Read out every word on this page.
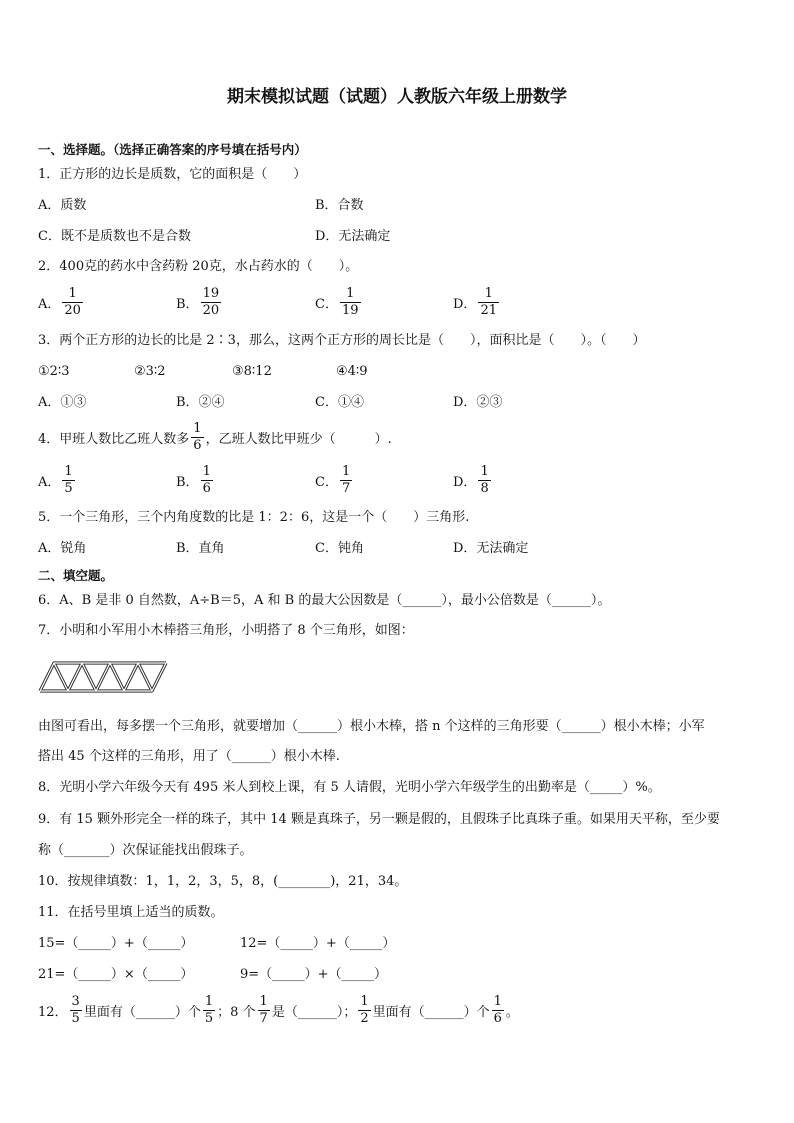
期末模拟试题（试题）人教版六年级上册数学
一、选择题。（选择正确答案的序号填在括号内）
1．正方形的边长是质数，它的面积是（　　）
A．质数	B．合数
C．既不是质数也不是合数	D．无法确定
2．400克的药水中含药粉 20克，水占药水的（　　）。
A． $\frac{1}{20}$	B． $\frac{19}{20}$	C． $\frac{1}{19}$	D． $\frac{1}{21}$
3．两个正方形的边长的比是 2∶3，那么，这两个正方形的周长比是（　　），面积比是（　　）。（　　）
①2∶3	②3∶2	③8∶12	④4∶9
A．①③	B．②④	C．①④	D．②③
4．甲班人数比乙班人数多 $\frac{1}{6}$ ，乙班人数比甲班少（　　　）.
A． $\frac{1}{5}$	B． $\frac{1}{6}$	C． $\frac{1}{7}$	D． $\frac{1}{8}$
5．一个三角形，三个内角度数的比是 1：2：6，这是一个（　　）三角形.
A．锐角	B．直角	C．钝角	D．无法确定
二、填空题。
6．A、B 是非 0 自然数，A÷B＝5，A 和 B 的最大公因数是（______），最小公倍数是（______）。
7．小明和小军用小木棒搭三角形，小明搭了 8 个三角形，如图：
由图可看出，每多摆一个三角形，就要增加（______）根小木棒，搭 n 个这样的三角形要（______）根小木棒；小军
搭出 45 个这样的三角形，用了（______）根小木棒.
8．光明小学六年级今天有 495 米人到校上课，有 5 人请假，光明小学六年级学生的出勤率是（_____）%。
9．有 15 颗外形完全一样的珠子，其中 14 颗是真珠子，另一颗是假的，且假珠子比真珠子重。如果用天平称，至少要
称（_______）次保证能找出假珠子。
10．按规律填数：1，1，2，3，5，8，(________)，21，34。
11．在括号里填上适当的质数。
15=（_____）+（_____）	12=（_____）+（_____）
21=（_____）×（_____）	9=（_____）+（_____）
12． $\frac{3}{5}$ 里面有（______）个 $\frac{1}{5}$ ；8 个 $\frac{1}{7}$ 是（______）； $\frac{1}{2}$ 里面有（______）个 $\frac{1}{6}$ 。
